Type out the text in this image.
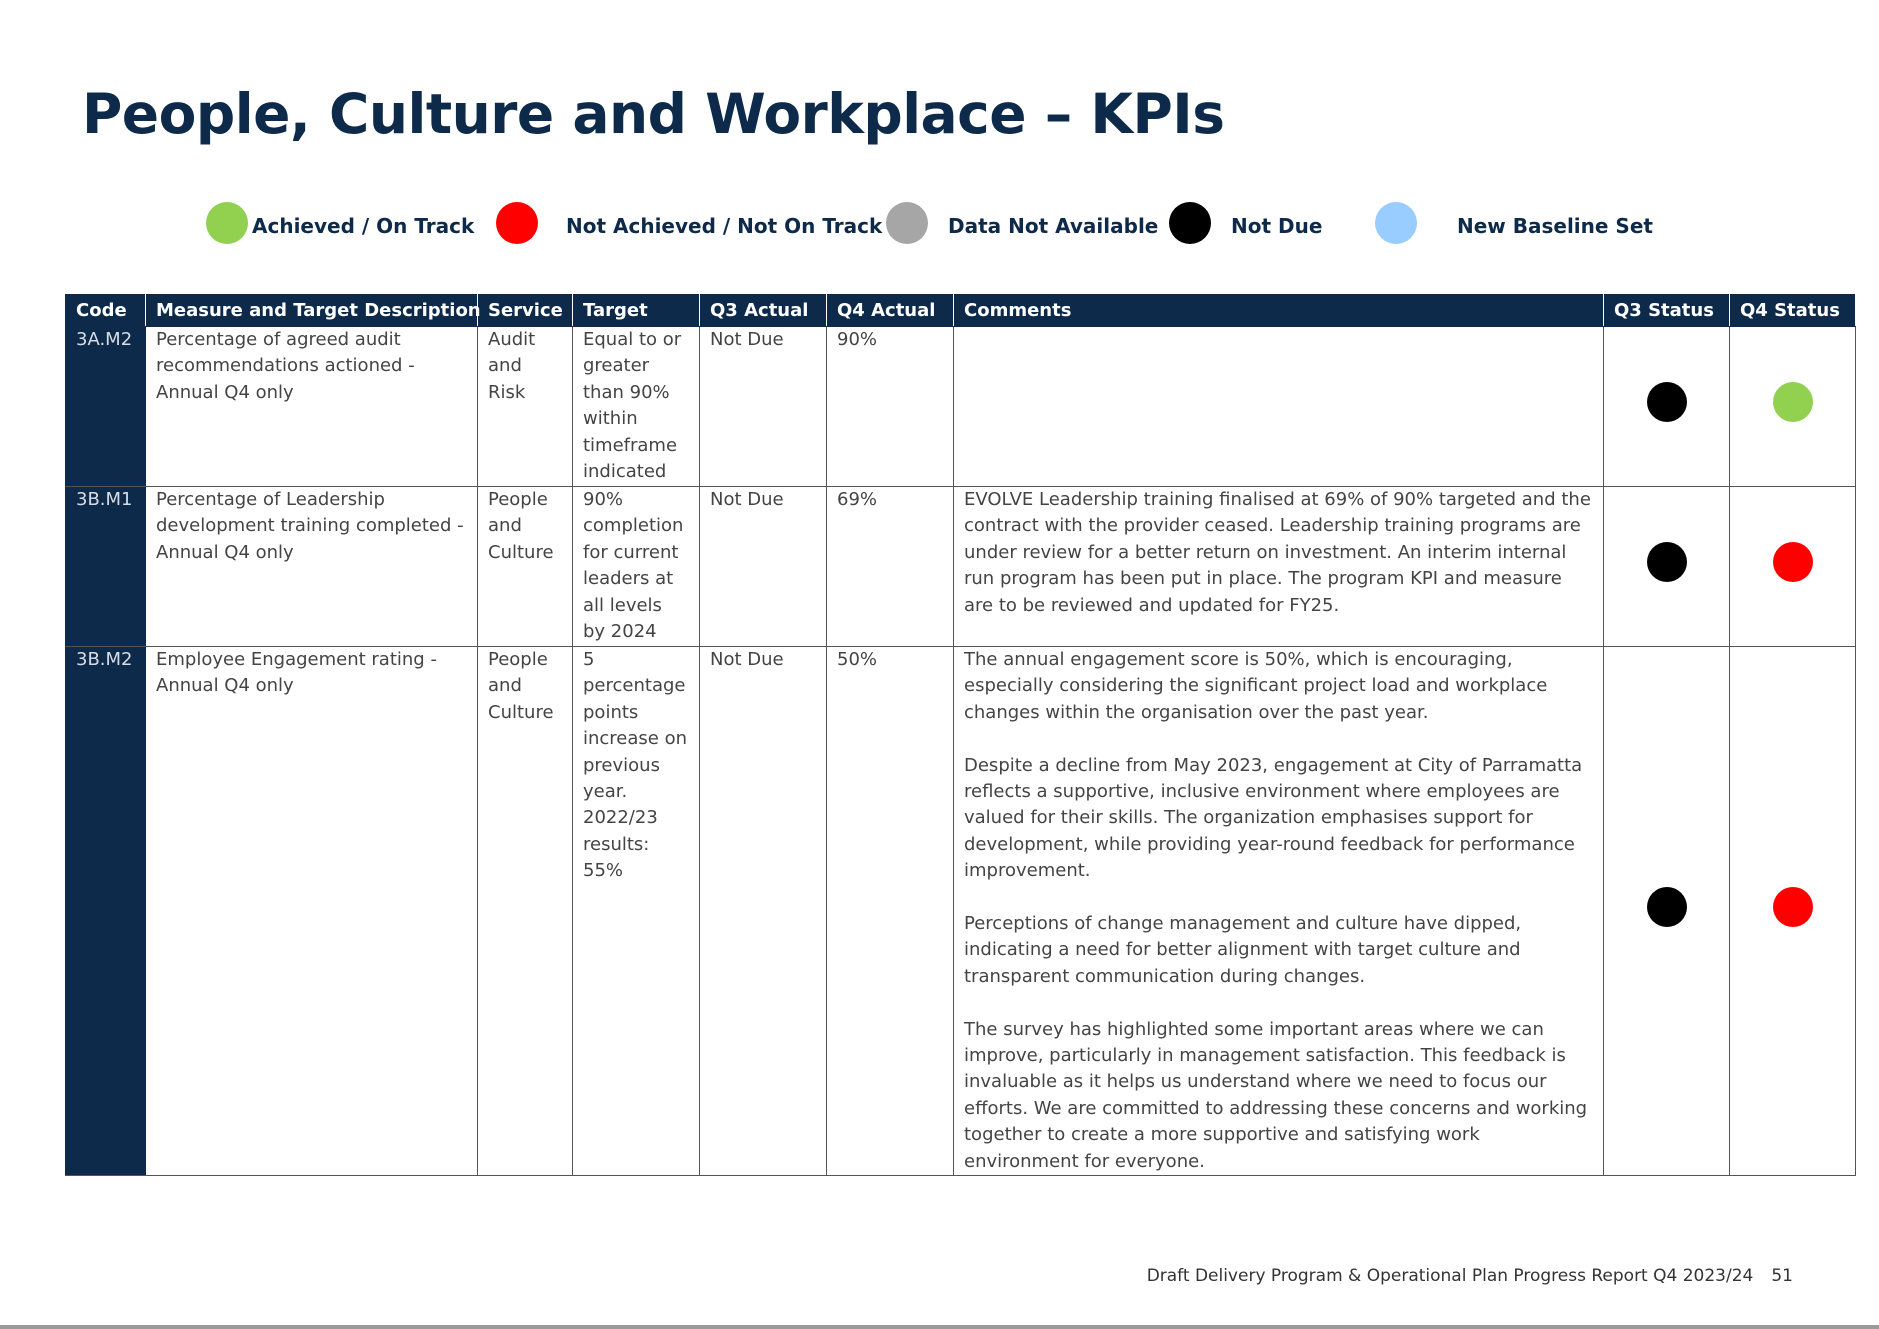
People, Culture and Workplace – KPIs
Achieved / On Track	Not Achieved / Not On Track	Data Not Available	Not Due	New Baseline Set
Code	Measure and Target Description	Service	Target	Q3 Actual	Q4 Actual	Comments	Q3 Status	Q4 Status
3A.M2	Percentage of agreed audit recommendations actioned - Annual Q4 only	Audit and Risk	Equal to or greater than 90% within timeframe indicated	Not Due	90%			
3B.M1	Percentage of Leadership development training completed - Annual Q4 only	People and Culture	90% completion for current leaders at all levels by 2024	Not Due	69%	EVOLVE Leadership training finalised at 69% of 90% targeted and the contract with the provider ceased. Leadership training programs are under review for a better return on investment. An interim internal run program has been put in place. The program KPI and measure are to be reviewed and updated for FY25.		

3B.M2	Employee Engagement rating - Annual Q4 only	People and Culture	5 percentage points increase on previous year. 2022/23 results: 55%	Not Due	50%	The annual engagement score is 50%, which is encouraging, especially considering the significant project load and workplace changes within the organisation over the past year.

Despite a decline from May 2023, engagement at City of Parramatta reflects a supportive, inclusive environment where employees are valued for their skills. The organization emphasises support for development, while providing year-round feedback for performance improvement.

Perceptions of change management and culture have dipped, indicating a need for better alignment with target culture and transparent communication during changes.

The survey has highlighted some important areas where we can improve, particularly in management satisfaction. This feedback is invaluable as it helps us understand where we need to focus our efforts. We are committed to addressing these concerns and working together to create a more supportive and satisfying work environment for everyone.		

Draft Delivery Program & Operational Plan Progress Report Q4 2023/24 51
